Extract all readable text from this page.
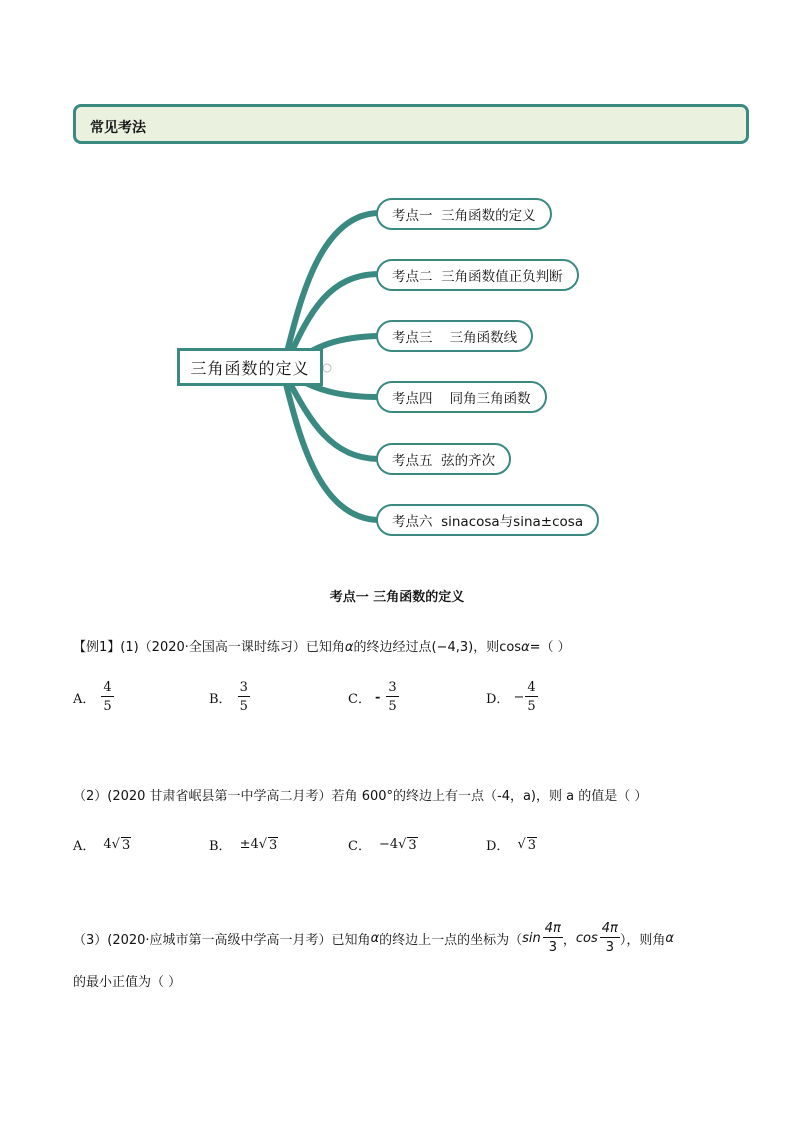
常见考法
三角函数的定义
考点一  三角函数的定义
考点二  三角函数值正负判断
考点三    三角函数线
考点四    同角三角函数
考点五  弦的齐次
考点六  sinacosa与sina±cosa
考点一 三角函数的定义
【例1】(1)（2020·全国高一课时练习）已知角α的终边经过点(−4,3)，则cosα=（ ）
A． $\frac{4}{5}$	B． $\frac{3}{5}$	C． - $\frac{3}{5}$	D． − $\frac{4}{5}$
（2）(2020 甘肃省岷县第一中学高二月考）若角 600°的终边上有一点（-4，a)，则 a 的值是（ ）
A． 4 √ 3	B． ±4 √ 3	C． −4 √ 3	D． √ 3
（3）(2020·应城市第一高级中学高一月考）已知角 α 的终边上一点的坐标为（ $\sin \frac{4\pi}{3}$ ， $\cos \frac{4\pi}{3}$ ），则角 α
的最小正值为（ ）
